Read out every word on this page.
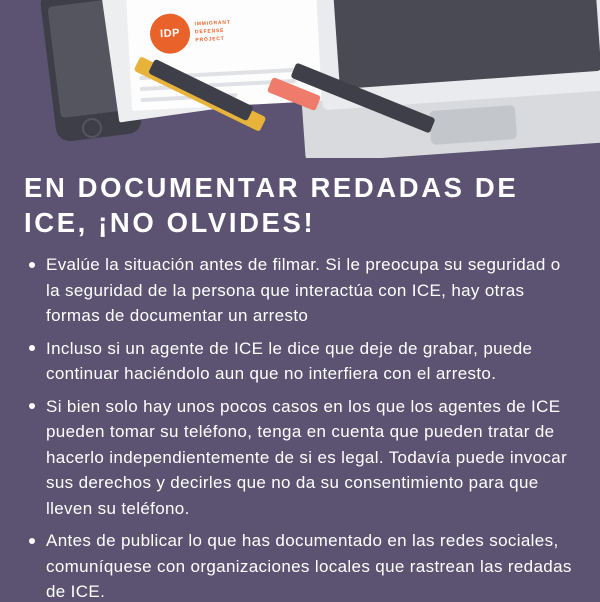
IDP
IMMIGRANT
DEFENSE
PROJECT
EN DOCUMENTAR REDADAS DE ICE, ¡NO OLVIDES!
Evalúe la situación antes de filmar. Si le preocupa su seguridad o la seguridad de la persona que interactúa con ICE, hay otras formas de documentar un arresto
Incluso si un agente de ICE le dice que deje de grabar, puede continuar haciéndolo aun que no interfiera con el arresto.
Si bien solo hay unos pocos casos en los que los agentes de ICE pueden tomar su teléfono, tenga en cuenta que pueden tratar de hacerlo independientemente de si es legal. Todavía puede invocar sus derechos y decirles que no da su consentimiento para que lleven su teléfono.
Antes de publicar lo que has documentado en las redes sociales, comuníquese con organizaciones locales que rastrean las redadas de ICE.
